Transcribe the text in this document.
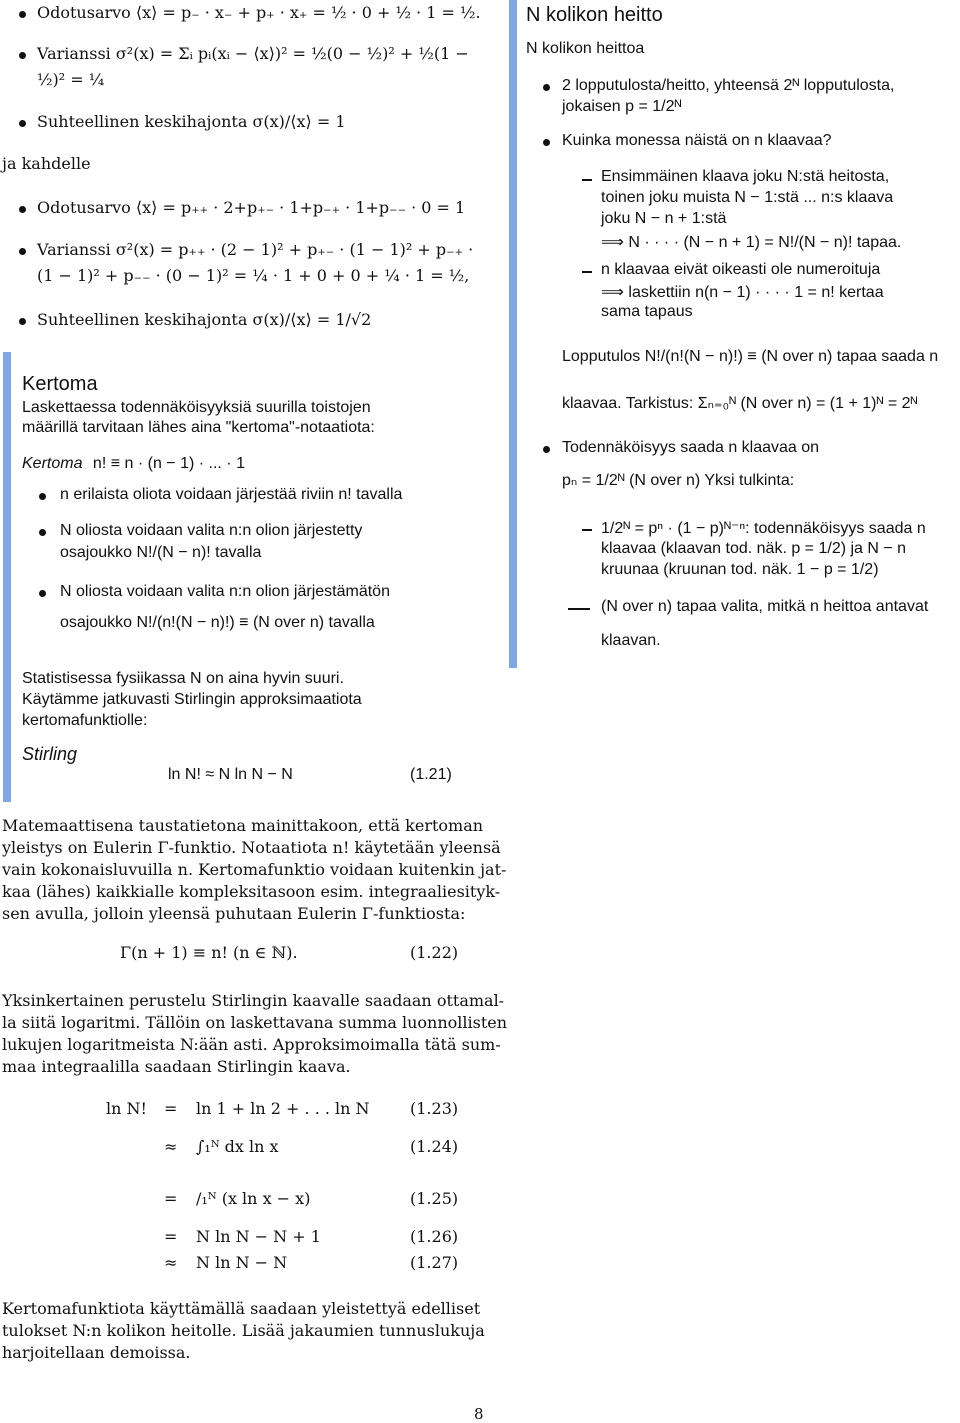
Odotusarvo ⟨x⟩ = p₋ · x₋ + p₊ · x₊ = ½ · 0 + ½ · 1 = ½.
Varianssi σ²(x) = Σᵢ pᵢ(xᵢ − ⟨x⟩)² = ½(0 − ½)² + ½(1 −
½)² = ¼
Suhteellinen keskihajonta σ(x)/⟨x⟩ = 1
ja kahdelle
Odotusarvo ⟨x⟩ = p₊₊ · 2+p₊₋ · 1+p₋₊ · 1+p₋₋ · 0 = 1
Varianssi σ²(x) = p₊₊ · (2 − 1)² + p₊₋ · (1 − 1)² + p₋₊ ·
(1 − 1)² + p₋₋ · (0 − 1)² = ¼ · 1 + 0 + 0 + ¼ · 1 = ½,
Suhteellinen keskihajonta σ(x)/⟨x⟩ = 1/√2
Kertoma
Laskettaessa todennäköisyyksiä suurilla toistojen
määrillä tarvitaan lähes aina "kertoma"-notaatiota:
Kertoma n! ≡ n · (n − 1) · ... · 1
n erilaista oliota voidaan järjestää riviin n! tavalla
N oliosta voidaan valita n:n olion järjestetty
osajoukko N!/(N − n)! tavalla
N oliosta voidaan valita n:n olion järjestämätön
osajoukko N!/(n!(N − n)!) ≡ (N over n) tavalla
Statistisessa fysiikassa N on aina hyvin suuri.
Käytämme jatkuvasti Stirlingin approksimaatiota
kertomafunktiolle:
Stirling
ln N! ≈ N ln N − N	(1.21)
Matemaattisena taustatietona mainittakoon, että kertoman
yleistys on Eulerin Γ-funktio. Notaatiota n! käytetään yleensä
vain kokonaisluvuilla n. Kertomafunktio voidaan kuitenkin jat-
kaa (lähes) kaikkialle kompleksitasoon esim. integraaliesityk-
sen avulla, jolloin yleensä puhutaan Eulerin Γ-funktiosta:
Γ(n + 1) ≡ n! (n ∈ ℕ).	(1.22)
Yksinkertainen perustelu Stirlingin kaavalle saadaan ottamal-
la siitä logaritmi. Tällöin on laskettavana summa luonnollisten
lukujen logaritmeista N:ään asti. Approksimoimalla tätä sum-
maa integraalilla saadaan Stirlingin kaava.
ln N! = ln 1 + ln 2 + . . . ln N	(1.23)
≈ ∫₁ᴺ dx ln x	(1.24)
= /₁ᴺ (x ln x − x)	(1.25)
= N ln N − N + 1	(1.26)
≈ N ln N − N	(1.27)
Kertomafunktiota käyttämällä saadaan yleistettyä edelliset
tulokset N:n kolikon heitolle. Lisää jakaumien tunnuslukuja
harjoitellaan demoissa.
N kolikon heitto
N kolikon heittoa
2 lopputulosta/heitto, yhteensä 2ᴺ lopputulosta,
jokaisen p = 1/2ᴺ
Kuinka monessa näistä on n klaavaa?
Ensimmäinen klaava joku N:stä heitosta,
toinen joku muista N − 1:stä ... n:s klaava
joku N − n + 1:stä
⟹ N · · · · (N − n + 1) = N!/(N − n)! tapaa.
n klaavaa eivät oikeasti ole numeroituja
⟹ laskettiin n(n − 1) · · · · 1 = n! kertaa
sama tapaus
Lopputulos N!/(n!(N − n)!) ≡ (N over n) tapaa saada n
klaavaa. Tarkistus: Σₙ₌₀ᴺ (N over n) = (1 + 1)ᴺ = 2ᴺ
Todennäköisyys saada n klaavaa on
pₙ = 1/2ᴺ (N over n) Yksi tulkinta:
1/2ᴺ = pⁿ · (1 − p)ᴺ⁻ⁿ: todennäköisyys saada n
klaavaa (klaavan tod. näk. p = 1/2) ja N − n
kruunaa (kruunan tod. näk. 1 − p = 1/2)
(N over n) tapaa valita, mitkä n heittoa antavat
klaavan.
8
